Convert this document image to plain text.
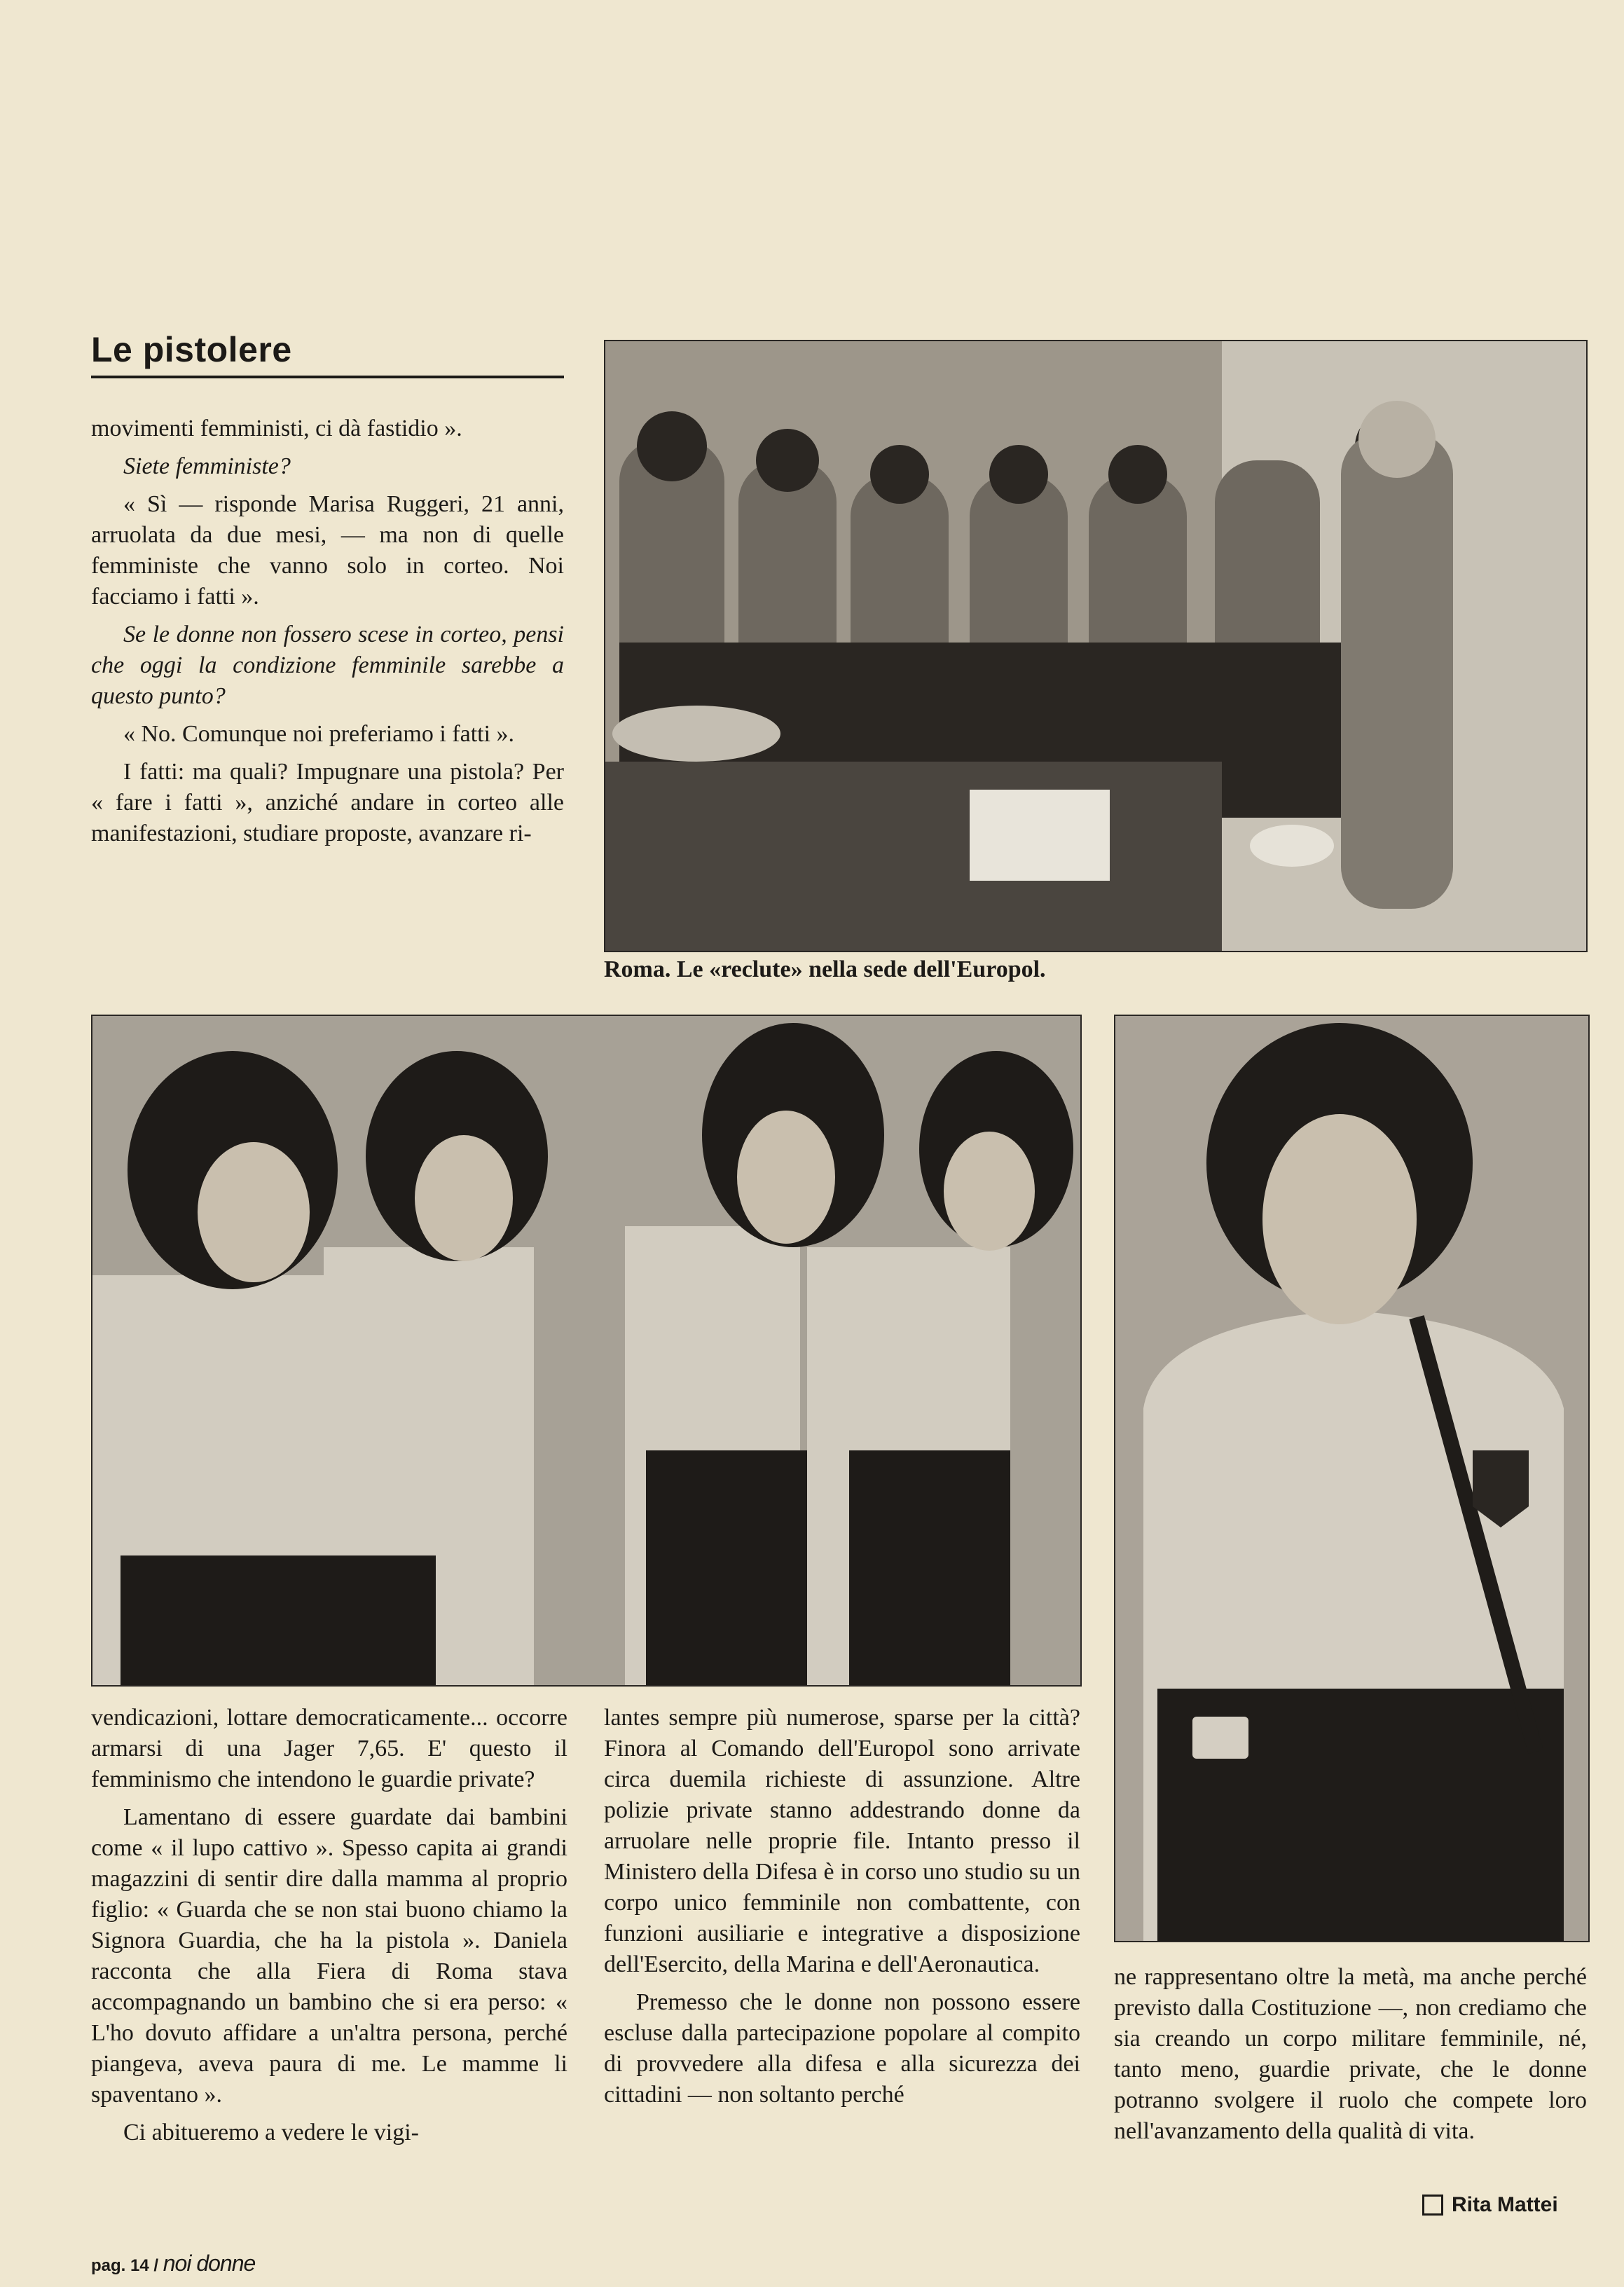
Le pistolere

movimenti femministi, ci dà fastidio ».

Siete femministe?

« Sì — risponde Marisa Ruggeri, 21 anni, arruolata da due mesi, — ma non di quelle femministe che vanno solo in corteo. Noi facciamo i fatti ».

Se le donne non fossero scese in corteo, pensi che oggi la condizione femminile sarebbe a questo punto?

« No. Comunque noi preferiamo i fatti ».

I fatti: ma quali? Impugnare una pistola? Per « fare i fatti », anziché andare in corteo alle manifestazioni, studiare proposte, avanzare ri-

Roma. Le «reclute» nella sede dell'Europol.

vendicazioni, lottare democraticamente... occorre armarsi di una Jager 7,65. E' questo il femminismo che intendono le guardie private?

Lamentano di essere guardate dai bambini come « il lupo cattivo ». Spesso capita ai grandi magazzini di sentir dire dalla mamma al proprio figlio: « Guarda che se non stai buono chiamo la Signora Guardia, che ha la pistola ». Daniela racconta che alla Fiera di Roma stava accompagnando un bambino che si era perso: « L'ho dovuto affidare a un'altra persona, perché piangeva, aveva paura di me. Le mamme li spaventano ».

Ci abitueremo a vedere le vigi-

lantes sempre più numerose, sparse per la città? Finora al Comando dell'Europol sono arrivate circa duemila richieste di assunzione. Altre polizie private stanno addestrando donne da arruolare nelle proprie file. Intanto presso il Ministero della Difesa è in corso uno studio su un corpo unico femminile non combattente, con funzioni ausiliarie e integrative a disposizione dell'Esercito, della Marina e dell'Aeronautica.

Premesso che le donne non possono essere escluse dalla partecipazione popolare al compito di provvedere alla difesa e alla sicurezza dei cittadini — non soltanto perché

ne rappresentano oltre la metà, ma anche perché previsto dalla Costituzione —, non crediamo che sia creando un corpo militare femminile, né, tanto meno, guardie private, che le donne potranno svolgere il ruolo che compete loro nell'avanzamento della qualità di vita.

Rita Mattei
pag. 14 / noi donne
